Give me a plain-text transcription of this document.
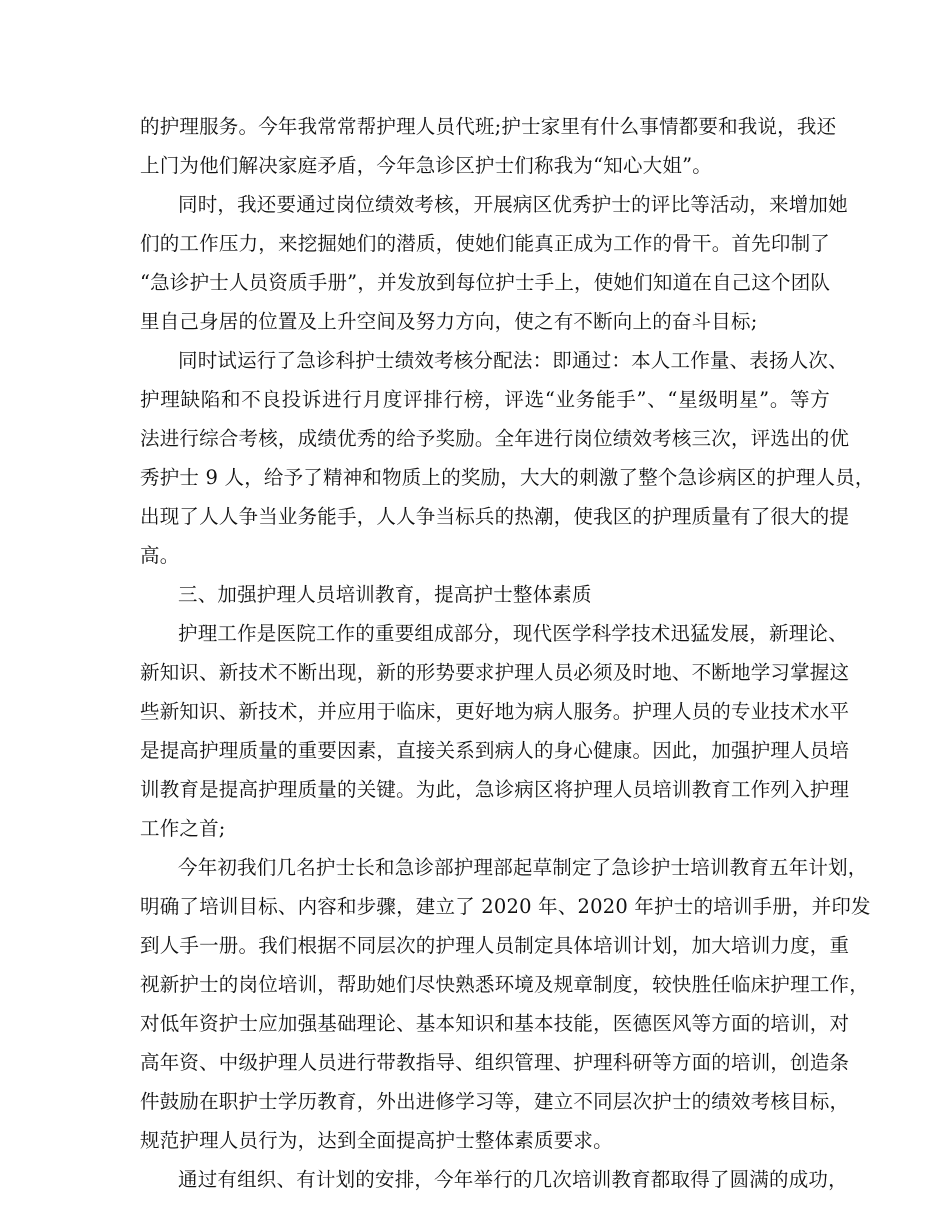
的护理服务。今年我常常帮护理人员代班;护士家里有什么事情都要和我说，我还
上门为他们解决家庭矛盾，今年急诊区护士们称我为“知心大姐”。
同时，我还要通过岗位绩效考核，开展病区优秀护士的评比等活动，来增加她
们的工作压力，来挖掘她们的潜质，使她们能真正成为工作的骨干。首先印制了
“急诊护士人员资质手册”，并发放到每位护士手上，使她们知道在自己这个团队
里自己身居的位置及上升空间及努力方向，使之有不断向上的奋斗目标;
同时试运行了急诊科护士绩效考核分配法：即通过：本人工作量、表扬人次、
护理缺陷和不良投诉进行月度评排行榜，评选“业务能手”、“星级明星”。等方
法进行综合考核，成绩优秀的给予奖励。全年进行岗位绩效考核三次，评选出的优
秀护士 9 人，给予了精神和物质上的奖励，大大的刺激了整个急诊病区的护理人员，
出现了人人争当业务能手，人人争当标兵的热潮，使我区的护理质量有了很大的提
高。
三、加强护理人员培训教育，提高护士整体素质
护理工作是医院工作的重要组成部分，现代医学科学技术迅猛发展，新理论、
新知识、新技术不断出现，新的形势要求护理人员必须及时地、不断地学习掌握这
些新知识、新技术，并应用于临床，更好地为病人服务。护理人员的专业技术水平
是提高护理质量的重要因素，直接关系到病人的身心健康。因此，加强护理人员培
训教育是提高护理质量的关键。为此，急诊病区将护理人员培训教育工作列入护理
工作之首;
今年初我们几名护士长和急诊部护理部起草制定了急诊护士培训教育五年计划，
明确了培训目标、内容和步骤，建立了 2020 年、2020 年护士的培训手册，并印发
到人手一册。我们根据不同层次的护理人员制定具体培训计划，加大培训力度，重
视新护士的岗位培训，帮助她们尽快熟悉环境及规章制度，较快胜任临床护理工作，
对低年资护士应加强基础理论、基本知识和基本技能，医德医风等方面的培训，对
高年资、中级护理人员进行带教指导、组织管理、护理科研等方面的培训，创造条
件鼓励在职护士学历教育，外出进修学习等，建立不同层次护士的绩效考核目标，
规范护理人员行为，达到全面提高护士整体素质要求。
通过有组织、有计划的安排，今年举行的几次培训教育都取得了圆满的成功，
